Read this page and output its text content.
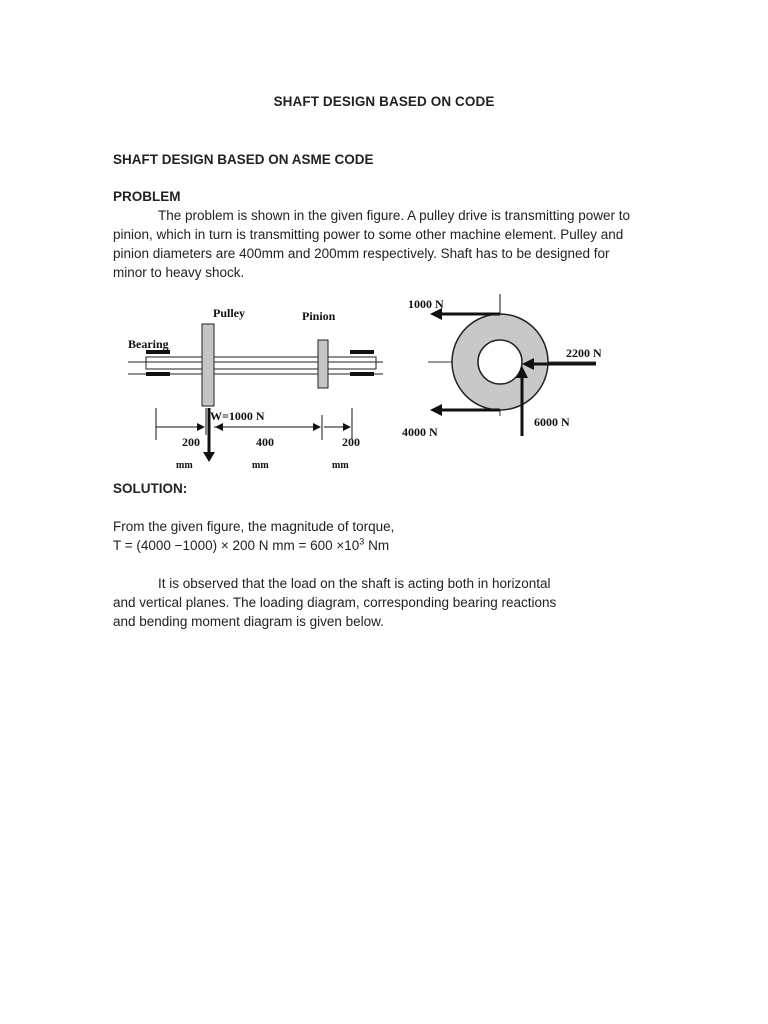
SHAFT DESIGN BASED ON CODE
SHAFT DESIGN BASED ON ASME CODE
PROBLEM

The problem is shown in the given figure. A pulley drive is transmitting power to
pinion, which in turn is transmitting power to some other machine element. Pulley and
pinion diameters are 400mm and 200mm respectively. Shaft has to be designed for
minor to heavy shock.

Pulley	Pinion
Bearing
W=1000 N
200	400	200
mm	mm	mm
1000 N
4000 N
2200 N
6000 N
SOLUTION:

From the given figure, the magnitude of torque,
T = (4000 −1000) × 200 N mm = $600 \times 10^3$ Nm

It is observed that the load on the shaft is acting both in horizontal
and vertical planes. The loading diagram, corresponding bearing reactions
and bending moment diagram is given below.
